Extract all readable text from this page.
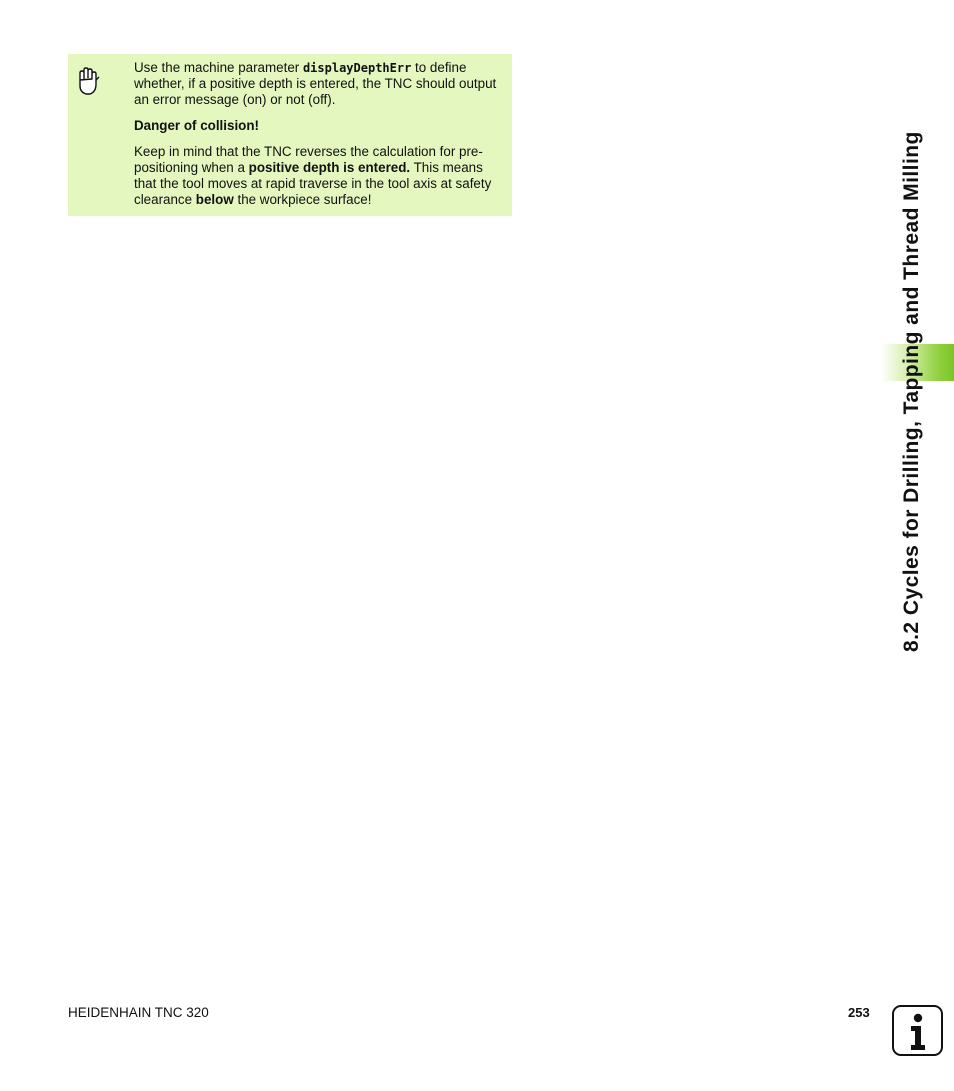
Use the machine parameter displayDepthErr to define whether, if a positive depth is entered, the TNC should output an error message (on) or not (off).

Danger of collision!

Keep in mind that the TNC reverses the calculation for pre-positioning when a positive depth is entered. This means that the tool moves at rapid traverse in the tool axis at safety clearance below the workpiece surface!	8.2 Cycles for Drilling, Tapping and Thread Milling
HEIDENHAIN TNC 320	253
